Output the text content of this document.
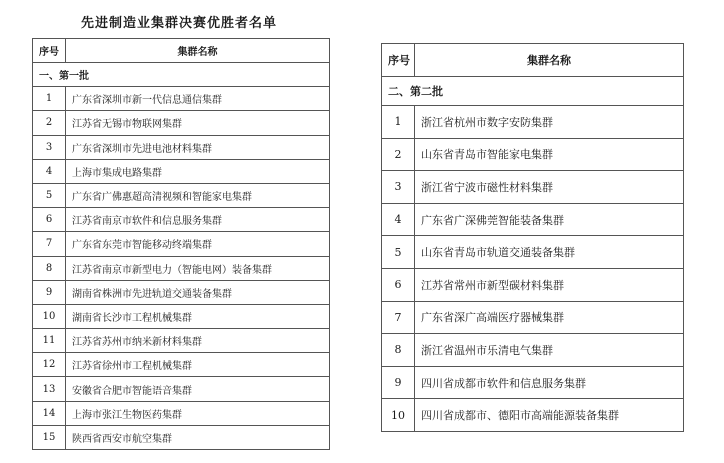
先进制造业集群决赛优胜者名单
序号	集群名称
一、第一批	
1	广东省深圳市新一代信息通信集群
2	江苏省无锡市物联网集群
3	广东省深圳市先进电池材料集群
4	上海市集成电路集群
5	广东省广佛惠超高清视频和智能家电集群
6	江苏省南京市软件和信息服务集群
7	广东省东莞市智能移动终端集群
8	江苏省南京市新型电力（智能电网）装备集群
9	湖南省株洲市先进轨道交通装备集群
10	湖南省长沙市工程机械集群
11	江苏省苏州市纳米新材料集群
12	江苏省徐州市工程机械集群
13	安徽省合肥市智能语音集群
14	上海市张江生物医药集群
15	陕西省西安市航空集群
序号	集群名称
二、第二批	
1	浙江省杭州市数字安防集群
2	山东省青岛市智能家电集群
3	浙江省宁波市磁性材料集群
4	广东省广深佛莞智能装备集群
5	山东省青岛市轨道交通装备集群
6	江苏省常州市新型碳材料集群
7	广东省深广高端医疗器械集群
8	浙江省温州市乐清电气集群
9	四川省成都市软件和信息服务集群
10	四川省成都市、德阳市高端能源装备集群
